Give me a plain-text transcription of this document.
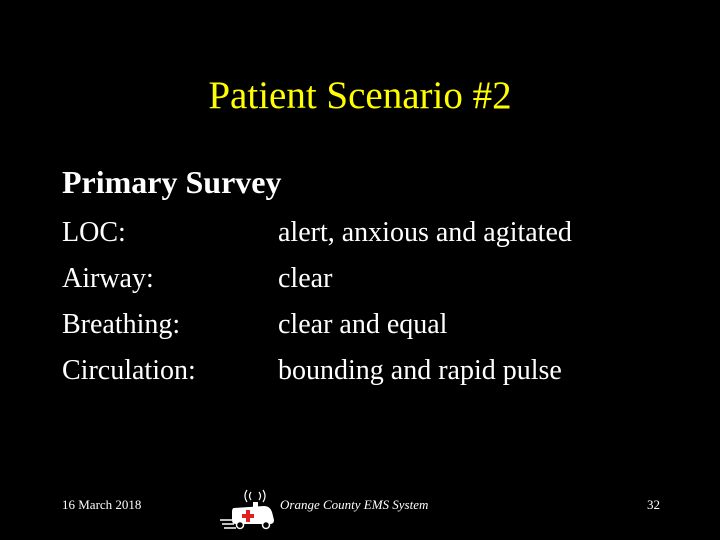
Patient Scenario #2
Primary Survey
LOC:	alert, anxious and agitated
Airway:	clear
Breathing:	clear and equal
Circulation:	bounding and rapid pulse
16 March 2018	Orange County EMS System	32
